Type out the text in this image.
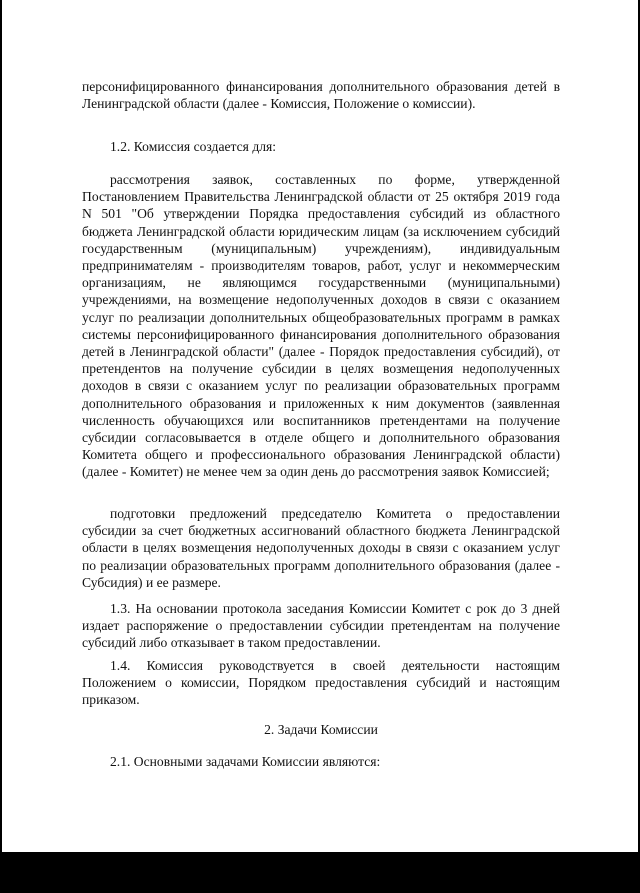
персонифицированного финансирования дополнительного образования детей в Ленинградской области (далее - Комиссия, Положение о комиссии).

1.2. Комиссия создается для:

рассмотрения заявок, составленных по форме, утвержденной Постановлением Правительства Ленинградской области от 25 октября 2019 года N 501 "Об утверждении Порядка предоставления субсидий из областного бюджета Ленинградской области юридическим лицам (за исключением субсидий государственным (муниципальным) учреждениям), индивидуальным предпринимателям - производителям товаров, работ, услуг и некоммерческим организациям, не являющимся государственными (муниципальными) учреждениями, на возмещение недополученных доходов в связи с оказанием услуг по реализации дополнительных общеобразовательных программ в рамках системы персонифицированного финансирования дополнительного образования детей в Ленинградской области" (далее - Порядок предоставления субсидий), от претендентов на получение субсидии в целях возмещения недополученных доходов в связи с оказанием услуг по реализации образовательных программ дополнительного образования и приложенных к ним документов (заявленная численность обучающихся или воспитанников претендентами на получение субсидии согласовывается в отделе общего и дополнительного образования Комитета общего и профессионального образования Ленинградской области) (далее - Комитет) не менее чем за один день до рассмотрения заявок Комиссией;

подготовки предложений председателю Комитета о предоставлении субсидии за счет бюджетных ассигнований областного бюджета Ленинградской области в целях возмещения недополученных доходы в связи с оказанием услуг по реализации образовательных программ дополнительного образования (далее - Субсидия) и ее размере.

1.3. На основании протокола заседания Комиссии Комитет с рок до 3 дней издает распоряжение о предоставлении субсидии претендентам на получение субсидий либо отказывает в таком предоставлении.

1.4. Комиссия руководствуется в своей деятельности настоящим Положением о комиссии, Порядком предоставления субсидий и настоящим приказом.

2. Задачи Комиссии

2.1. Основными задачами Комиссии являются:
